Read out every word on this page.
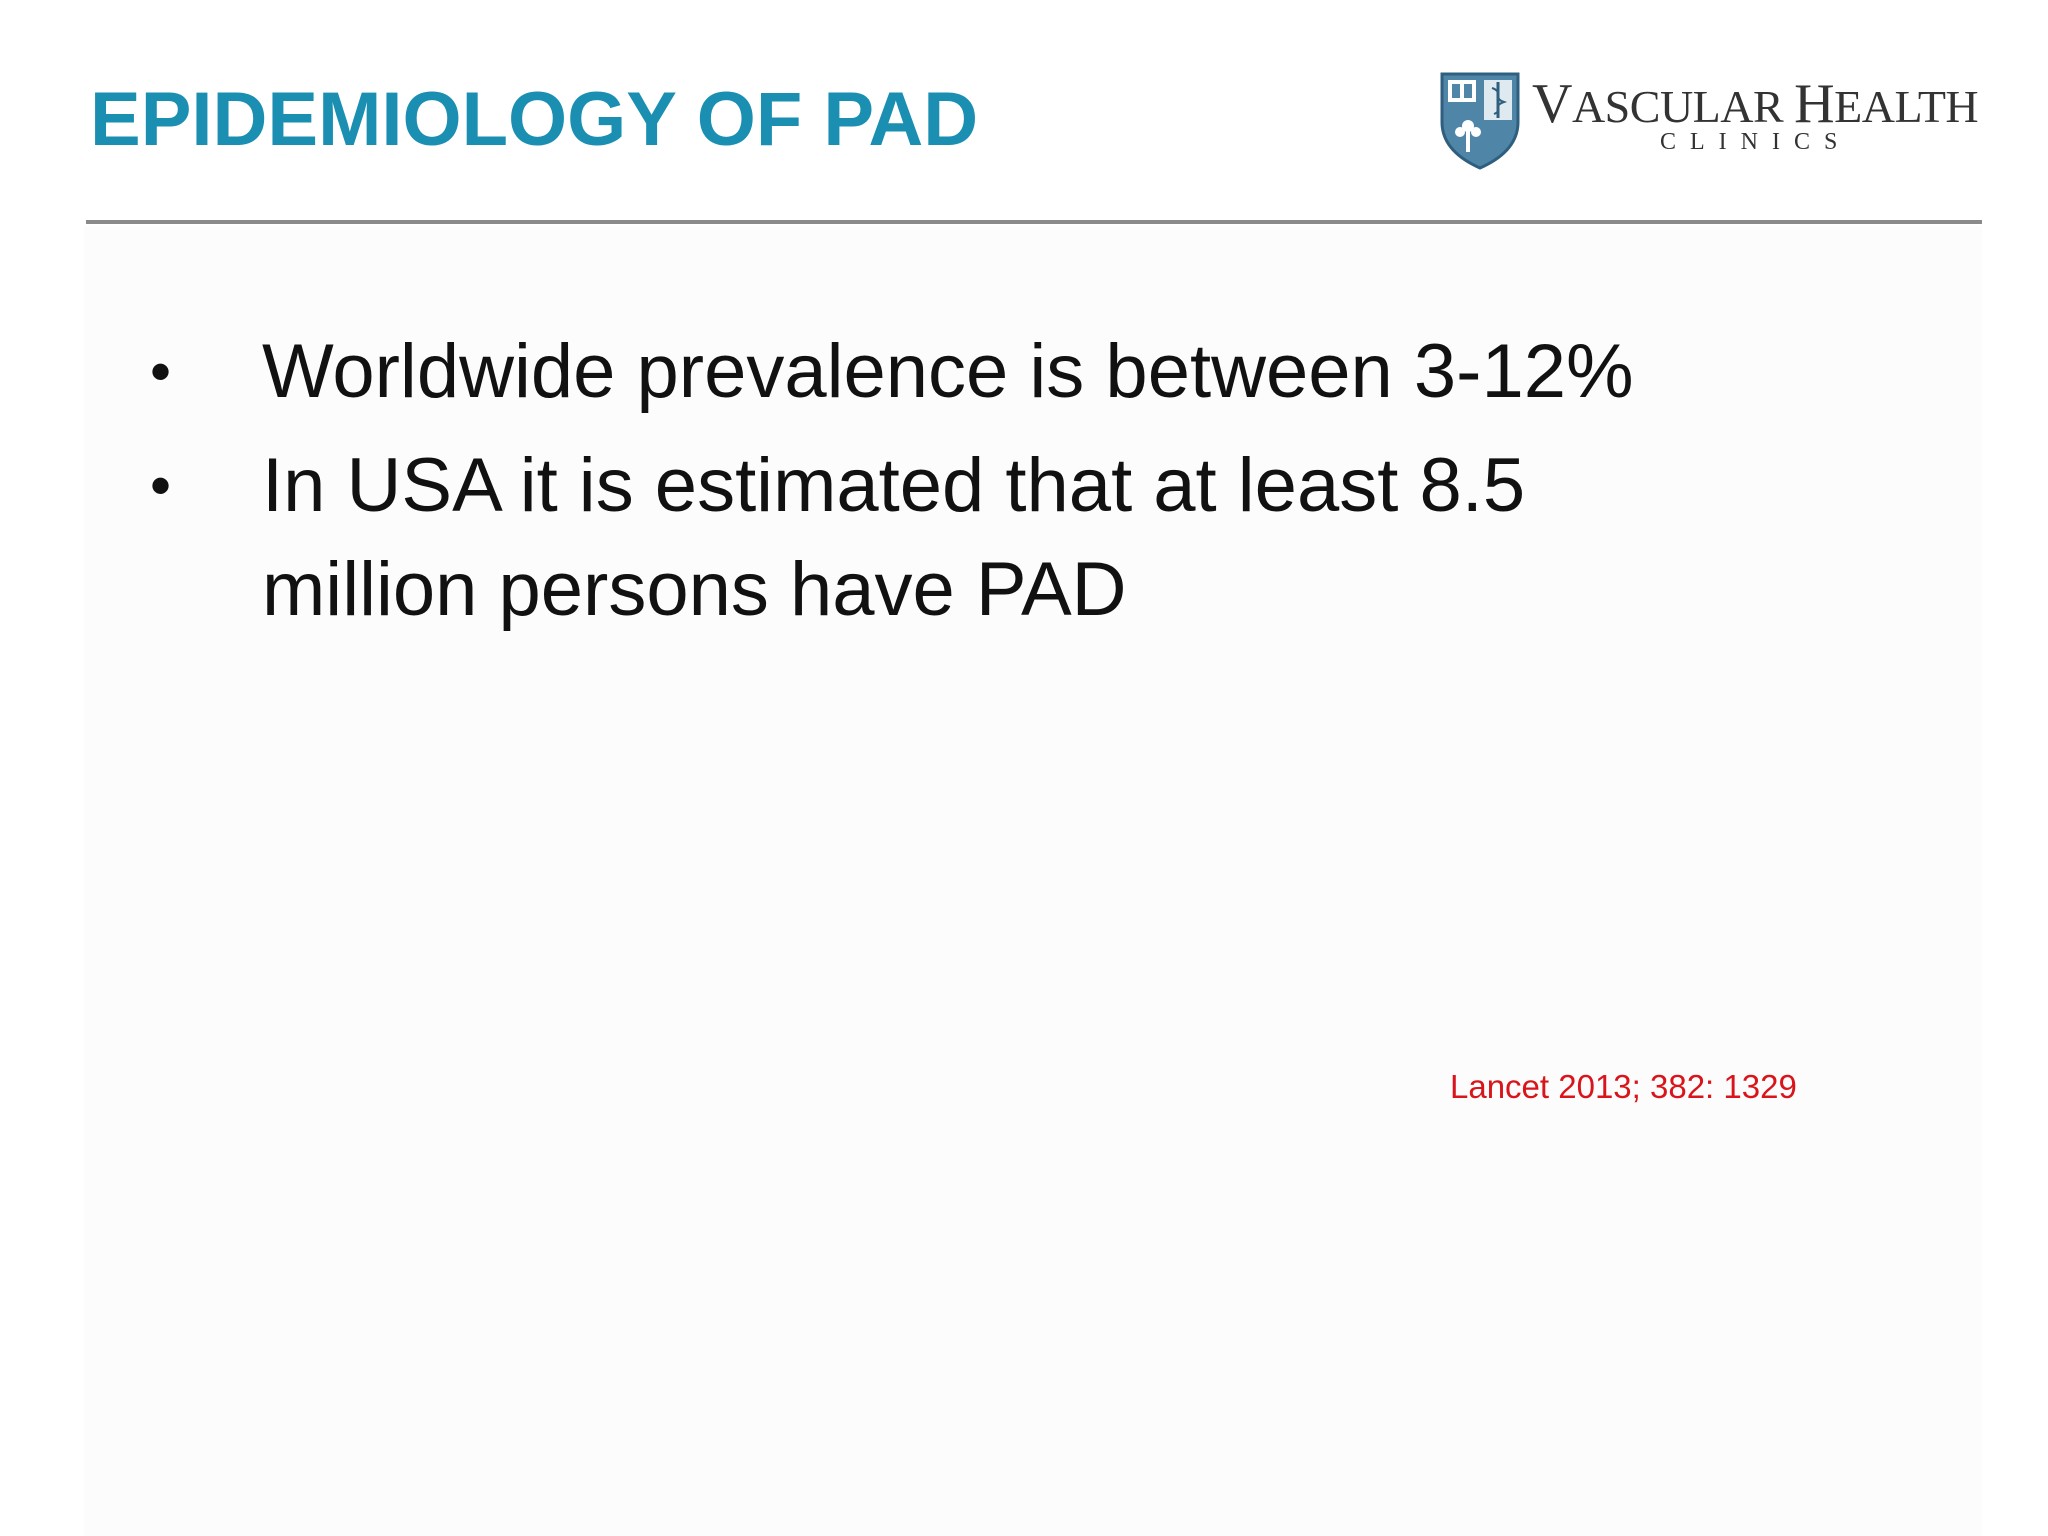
EPIDEMIOLOGY OF PAD	VASCULAR HEALTH
CLINICS
• Worldwide prevalence is between 3-12%
• In USA it is estimated that at least 8.5 million persons have PAD
Lancet 2013; 382: 1329
